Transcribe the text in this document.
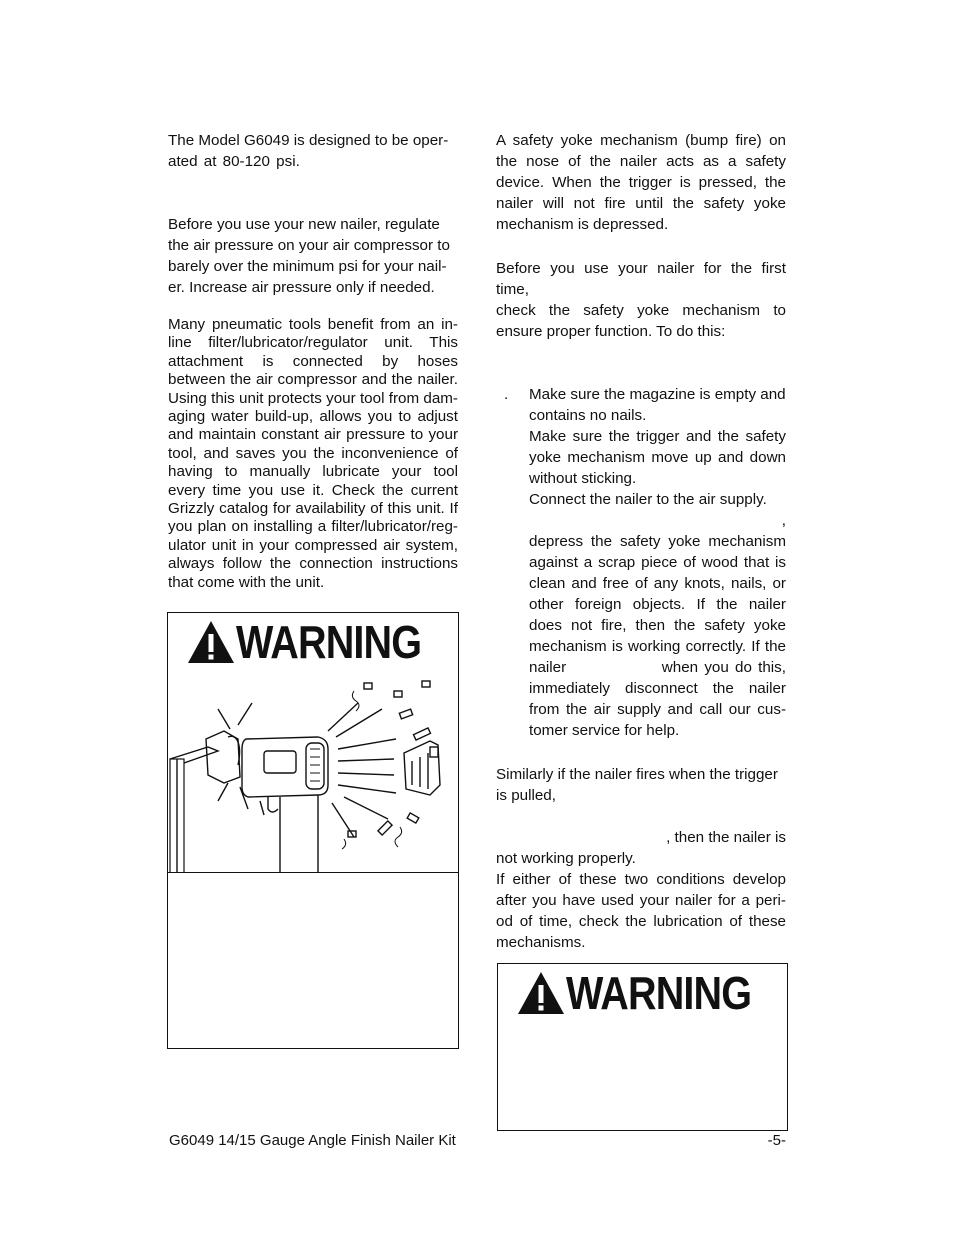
The Model G6049 is designed to be oper-

ated at 80-120 psi.

Before you use your new nailer, regulate

the air pressure on your air compressor to

barely over the minimum psi for your nail-

er. Increase air pressure only if needed.

Many pneumatic tools benefit from an in-

line filter/lubricator/regulator unit. This

attachment is connected by hoses

between the air compressor and the nailer.

Using this unit protects your tool from dam-

aging water build-up, allows you to adjust

and maintain constant air pressure to your

tool, and saves you the inconvenience of

having to manually lubricate your tool

every time you use it. Check the current

Grizzly catalog for availability of this unit. If

you plan on installing a filter/lubricator/reg-

ulator unit in your compressed air system,

always follow the connection instructions

that come with the unit.

WARNING

A safety yoke mechanism (bump fire) on

the nose of the nailer acts as a safety

device. When the trigger is pressed, the

nailer will not fire until the safety yoke

mechanism is depressed.

Before you use your nailer for the first time,

check the safety yoke mechanism to

ensure proper function. To do this:

. Make sure the magazine is empty and

contains no nails.

Make sure the trigger and the safety

yoke mechanism move up and down

without sticking.

Connect the nailer to the air supply.

,

depress the safety yoke mechanism

against a scrap piece of wood that is

clean and free of any knots, nails, or

other foreign objects. If the nailer

does not fire, then the safety yoke

mechanism is working correctly. If the

nailer	when you do this,

immediately disconnect the nailer

from the air supply and call our cus-

tomer service for help.

Similarly if the nailer fires when the trigger

is pulled,

, then the nailer is

not working properly.

If either of these two conditions develop

after you have used your nailer for a peri-

od of time, check the lubrication of these

mechanisms.

WARNING
G6049 14/15 Gauge Angle Finish Nailer Kit	-5-
